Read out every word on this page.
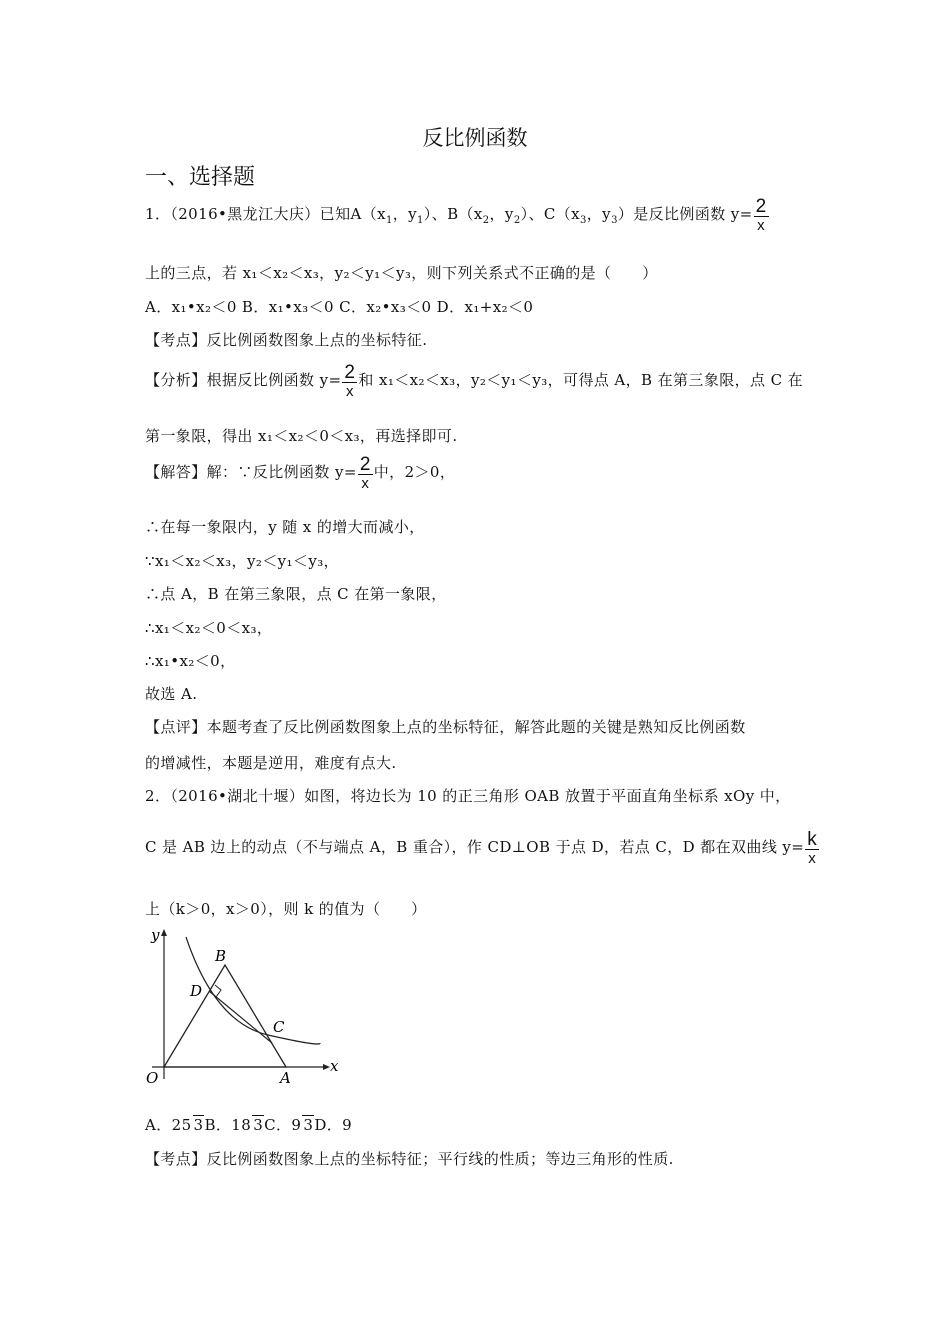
反比例函数
一、选择题
1．（2016•黑龙江大庆）已知$A(x_1$，$y_1$）、$B(x_2$，$y_2$）、$C(x_3$，$y_3$）是反比例函数 $y= \frac{2}{x}$
上的三点，若 x₁＜x₂＜x₃，y₂＜y₁＜y₃，则下列关系式不正确的是（　　）
A．x₁•x₂＜0 B．x₁•x₃＜0 C．x₂•x₃＜0 D．x₁+x₂＜0
【考点】反比例函数图象上点的坐标特征.
【分析】根据反比例函数 $y= \frac{2}{x}$ 和 x₁＜x₂＜x₃，y₂＜y₁＜y₃，可得点 A，B 在第三象限，点 C 在
第一象限，得出 x₁＜x₂＜0＜x₃，再选择即可.
【解答】解：∵反比例函数 $y= \frac{2}{x}$ 中，2＞0，
∴在每一象限内，y 随 x 的增大而减小，
∵x₁＜x₂＜x₃，y₂＜y₁＜y₃，
∴点 A，B 在第三象限，点 C 在第一象限，
∴x₁＜x₂＜0＜x₃，
∴x₁•x₂＜0，
故选 A.
【点评】本题考查了反比例函数图象上点的坐标特征，解答此题的关键是熟知反比例函数
的增减性，本题是逆用，难度有点大.
2．（2016•湖北十堰）如图，将边长为 10 的正三角形 OAB 放置于平面直角坐标系 xOy 中，
C 是 AB 边上的动点（不与端点 A，B 重合），作 CD⊥OB 于点 D，若点 C，D 都在双曲线 $y= \frac{k}{x}$
上（k＞0，x＞0），则 k 的值为（　　）
y
x
O	A
B
C
D
A．25 3B．18 3C．9 3D．9
【考点】反比例函数图象上点的坐标特征；平行线的性质；等边三角形的性质.
